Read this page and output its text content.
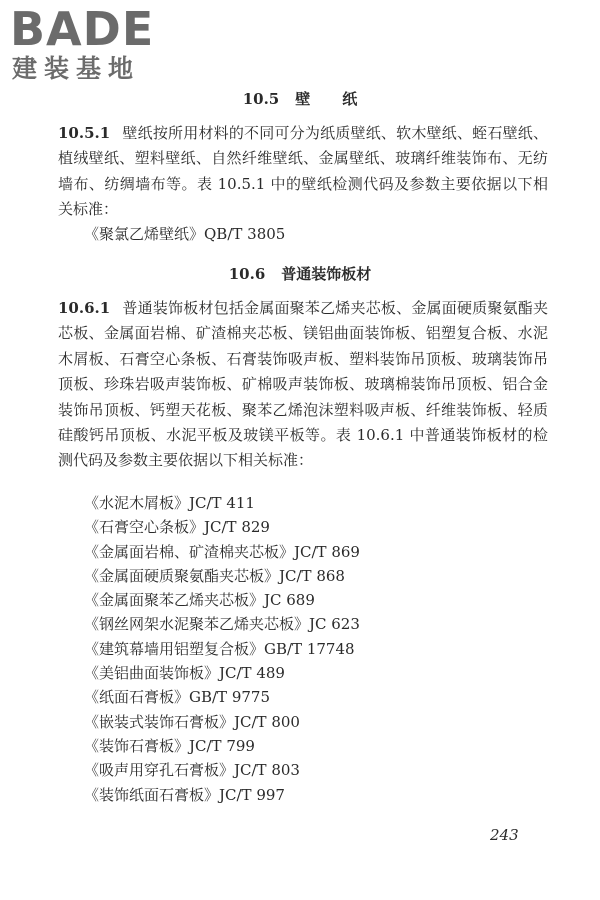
BADE
建装基地
10.5 壁 纸
10.5.1 壁纸按所用材料的不同可分为纸质壁纸、软木壁纸、蛭石壁纸、植绒壁纸、塑料壁纸、自然纤维壁纸、金属壁纸、玻璃纤维装饰布、无纺墙布、纺绸墙布等。表 10.5.1 中的壁纸检测代码及参数主要依据以下相关标准：
《聚氯乙烯壁纸》QB/T 3805
10.6 普通装饰板材
10.6.1 普通装饰板材包括金属面聚苯乙烯夹芯板、金属面硬质聚氨酯夹芯板、金属面岩棉、矿渣棉夹芯板、镁铝曲面装饰板、铝塑复合板、水泥木屑板、石膏空心条板、石膏装饰吸声板、塑料装饰吊顶板、玻璃装饰吊顶板、珍珠岩吸声装饰板、矿棉吸声装饰板、玻璃棉装饰吊顶板、铝合金装饰吊顶板、钙塑天花板、聚苯乙烯泡沫塑料吸声板、纤维装饰板、轻质硅酸钙吊顶板、水泥平板及玻镁平板等。表 10.6.1 中普通装饰板材的检测代码及参数主要依据以下相关标准：
《水泥木屑板》JC/T 411
《石膏空心条板》JC/T 829
《金属面岩棉、矿渣棉夹芯板》JC/T 869
《金属面硬质聚氨酯夹芯板》JC/T 868
《金属面聚苯乙烯夹芯板》JC 689
《钢丝网架水泥聚苯乙烯夹芯板》JC 623
《建筑幕墙用铝塑复合板》GB/T 17748
《美铝曲面装饰板》JC/T 489
《纸面石膏板》GB/T 9775
《嵌装式装饰石膏板》JC/T 800
《装饰石膏板》JC/T 799
《吸声用穿孔石膏板》JC/T 803
《装饰纸面石膏板》JC/T 997
243
